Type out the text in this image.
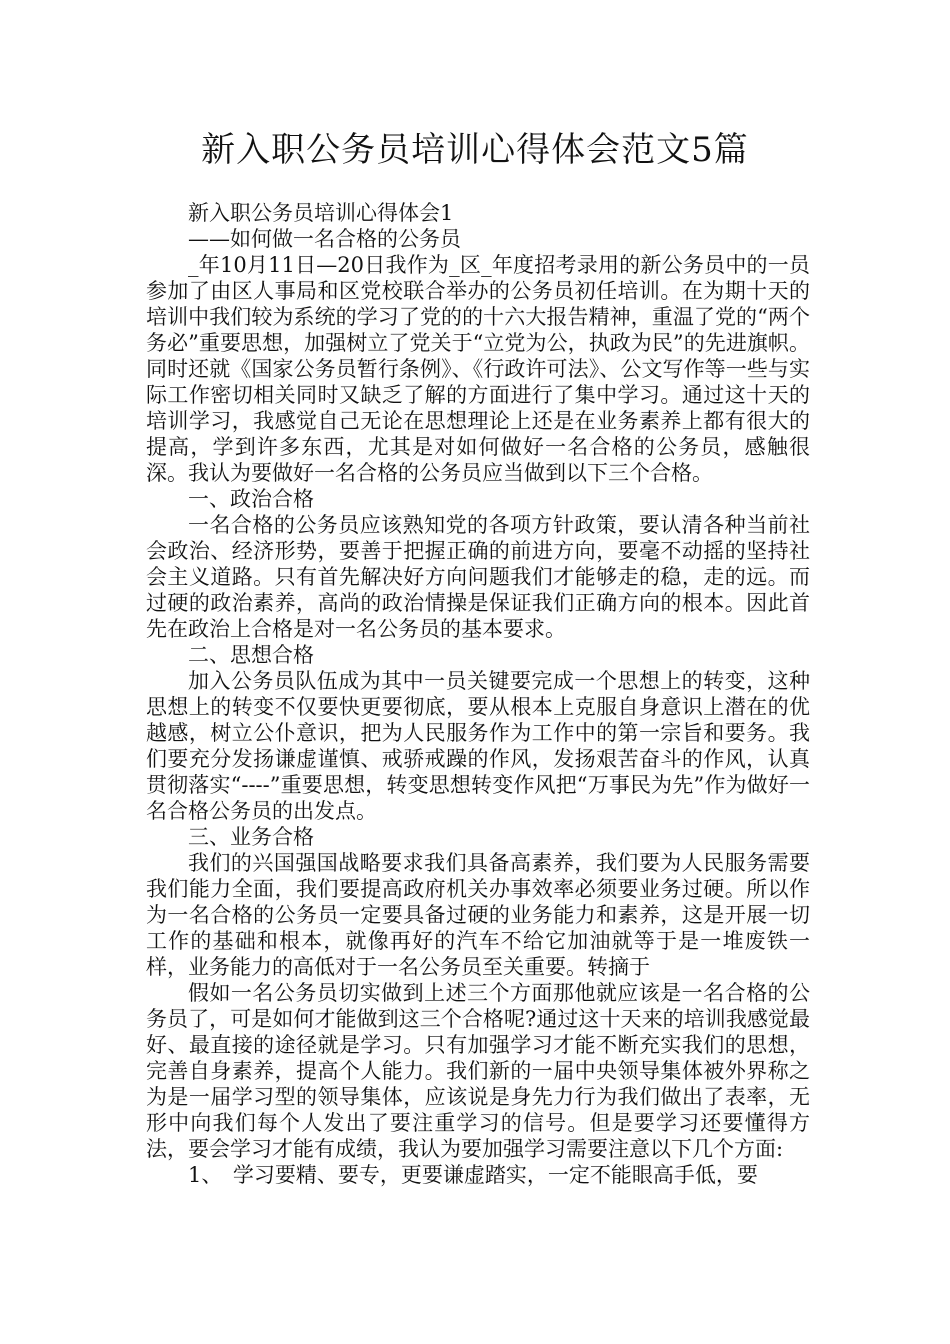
新入职公务员培训心得体会范文5篇

新入职公务员培训心得体会1

——如何做一名合格的公务员

_年10月11日—20日我作为_区_年度招考录用的新公务员中的一员参加了由区人事局和区党校联合举办的公务员初任培训。在为期十天的培训中我们较为系统的学习了党的的十六大报告精神，重温了党的“两个务必”重要思想，加强树立了党关于“立党为公，执政为民”的先进旗帜。同时还就《国家公务员暂行条例》、《行政许可法》、公文写作等一些与实际工作密切相关同时又缺乏了解的方面进行了集中学习。通过这十天的培训学习，我感觉自己无论在思想理论上还是在业务素养上都有很大的提高，学到许多东西，尤其是对如何做好一名合格的公务员，感触很深。我认为要做好一名合格的公务员应当做到以下三个合格。

一、政治合格

一名合格的公务员应该熟知党的各项方针政策，要认清各种当前社会政治、经济形势，要善于把握正确的前进方向，要毫不动摇的坚持社会主义道路。只有首先解决好方向问题我们才能够走的稳，走的远。而过硬的政治素养，高尚的政治情操是保证我们正确方向的根本。因此首先在政治上合格是对一名公务员的基本要求。

二、思想合格

加入公务员队伍成为其中一员关键要完成一个思想上的转变，这种思想上的转变不仅要快更要彻底，要从根本上克服自身意识上潜在的优越感，树立公仆意识，把为人民服务作为工作中的第一宗旨和要务。我们要充分发扬谦虚谨慎、戒骄戒躁的作风，发扬艰苦奋斗的作风，认真贯彻落实“----”重要思想，转变思想转变作风把“万事民为先”作为做好一名合格公务员的出发点。

三、业务合格

我们的兴国强国战略要求我们具备高素养，我们要为人民服务需要我们能力全面，我们要提高政府机关办事效率必须要业务过硬。所以作为一名合格的公务员一定要具备过硬的业务能力和素养，这是开展一切工作的基础和根本，就像再好的汽车不给它加油就等于是一堆废铁一样，业务能力的高低对于一名公务员至关重要。转摘于

假如一名公务员切实做到上述三个方面那他就应该是一名合格的公务员了，可是如何才能做到这三个合格呢?通过这十天来的培训我感觉最好、最直接的途径就是学习。只有加强学习才能不断充实我们的思想，完善自身素养，提高个人能力。我们新的一届中央领导集体被外界称之为是一届学习型的领导集体，应该说是身先力行为我们做出了表率，无形中向我们每个人发出了要注重学习的信号。但是要学习还要懂得方法，要会学习才能有成绩，我认为要加强学习需要注意以下几个方面:

1、　学习要精、要专，更要谦虚踏实，一定不能眼高手低，要
